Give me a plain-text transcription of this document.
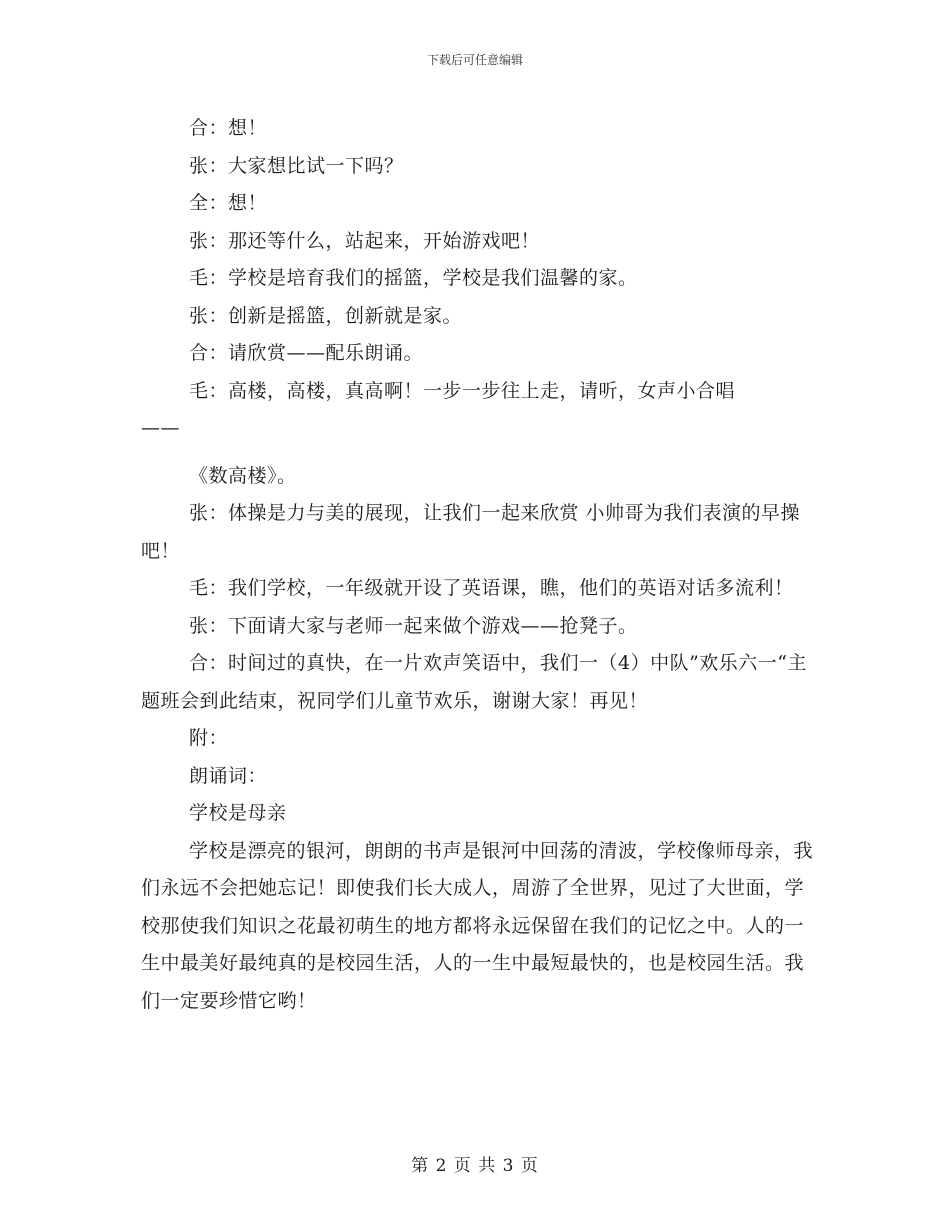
下载后可任意编辑

合：想！

张：大家想比试一下吗？

全：想！

张：那还等什么，站起来，开始游戏吧！

毛：学校是培育我们的摇篮，学校是我们温馨的家。

张：创新是摇篮，创新就是家。

合：请欣赏——配乐朗诵。

毛：高楼，高楼，真高啊！一步一步往上走，请听，女声小合唱

——

《数高楼》。

张：体操是力与美的展现，让我们一起来欣赏 小帅哥为我们表演的早操吧！

毛：我们学校，一年级就开设了英语课，瞧，他们的英语对话多流利！

张：下面请大家与老师一起来做个游戏——抢凳子。

合：时间过的真快，在一片欢声笑语中，我们一（4）中队”欢乐六一“主题班会到此结束，祝同学们儿童节欢乐，谢谢大家！再见！

附：

朗诵词：

学校是母亲

学校是漂亮的银河，朗朗的书声是银河中回荡的清波，学校像师母亲，我们永远不会把她忘记！即使我们长大成人，周游了全世界，见过了大世面，学校那使我们知识之花最初萌生的地方都将永远保留在我们的记忆之中。人的一生中最美好最纯真的是校园生活，人的一生中最短最快的，也是校园生活。我们一定要珍惜它哟！

第 2 页 共 3 页
